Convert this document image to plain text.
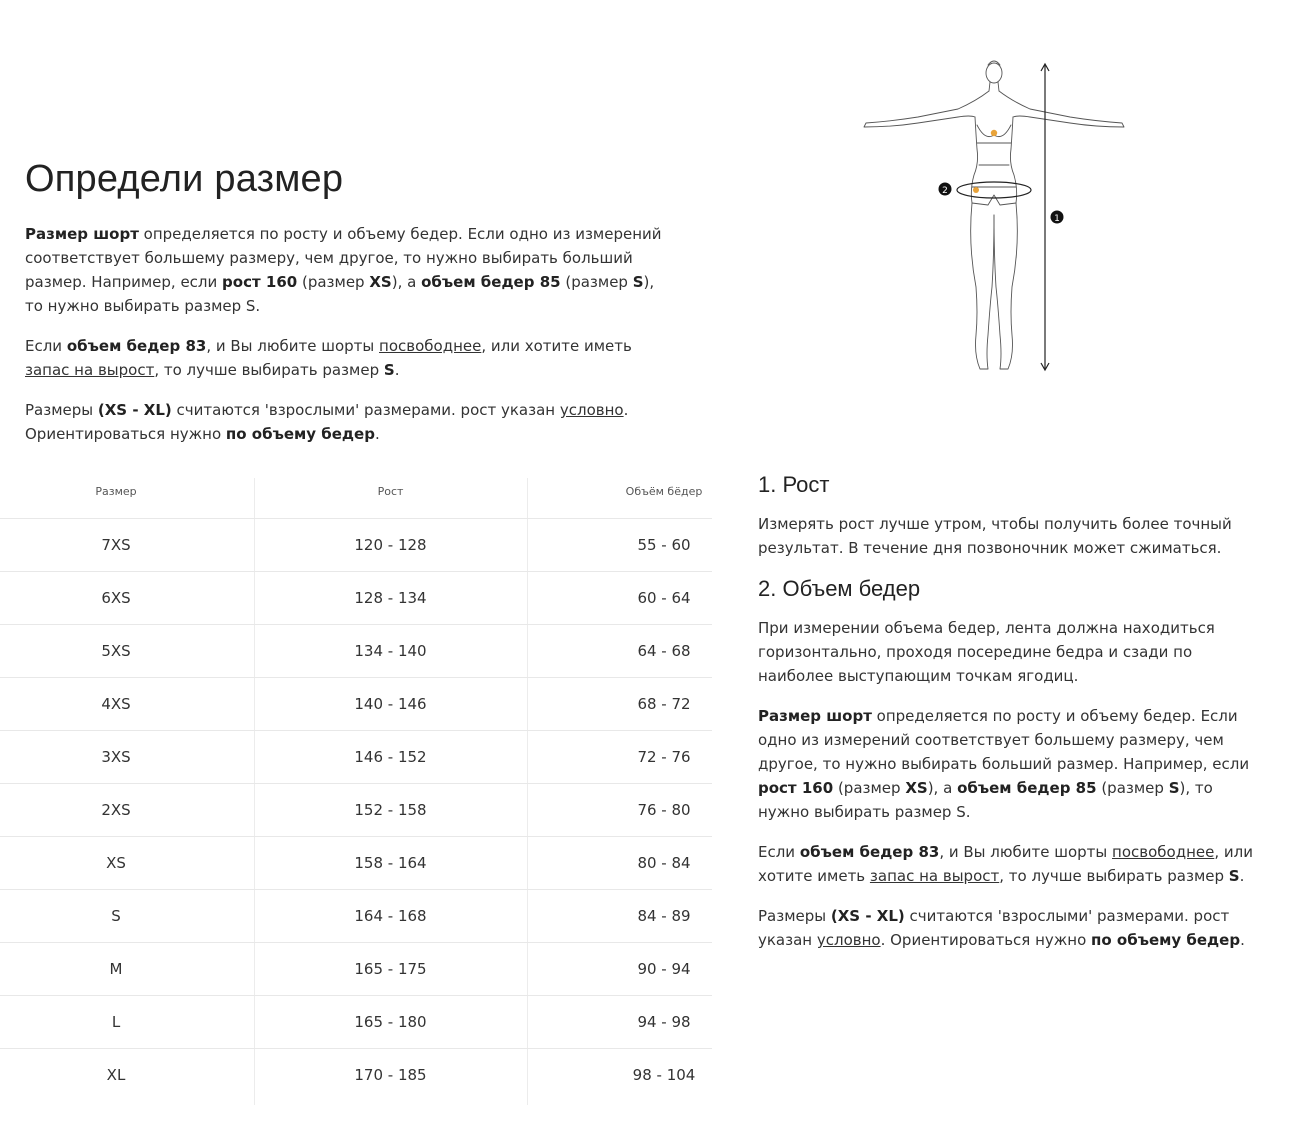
Определи размер

Размер шорт определяется по росту и объему бедер. Если одно из измерений соответствует большему размеру, чем другое, то нужно выбирать больший размер. Например, если рост 160 (размер XS), а объем бедер 85 (размер S), то нужно выбирать размер S.

Если объем бедер 83, и Вы любите шорты посвободнее, или хотите иметь запас на вырост, то лучше выбирать размер S.

Размеры (XS - XL) считаются 'взрослыми' размерами. рост указан условно. Ориентироваться нужно по объему бедер.

1
2
Размер	Рост	Объём бёдер
7XS	120 - 128	55 - 60
6XS	128 - 134	60 - 64
5XS	134 - 140	64 - 68
4XS	140 - 146	68 - 72
3XS	146 - 152	72 - 76
2XS	152 - 158	76 - 80
XS	158 - 164	80 - 84
S	164 - 168	84 - 89
M	165 - 175	90 - 94
L	165 - 180	94 - 98
XL	170 - 185	98 - 104
1. Рост

Измерять рост лучше утром, чтобы получить более точный результат. В течение дня позвоночник может сжиматься.

2. Объем бедер

При измерении объема бедер, лента должна находиться горизонтально, проходя посередине бедра и сзади по наиболее выступающим точкам ягодиц.

Размер шорт определяется по росту и объему бедер. Если одно из измерений соответствует большему размеру, чем другое, то нужно выбирать больший размер. Например, если рост 160 (размер XS), а объем бедер 85 (размер S), то нужно выбирать размер S.

Если объем бедер 83, и Вы любите шорты посвободнее, или хотите иметь запас на вырост, то лучше выбирать размер S.

Размеры (XS - XL) считаются 'взрослыми' размерами. рост указан условно. Ориентироваться нужно по объему бедер.
